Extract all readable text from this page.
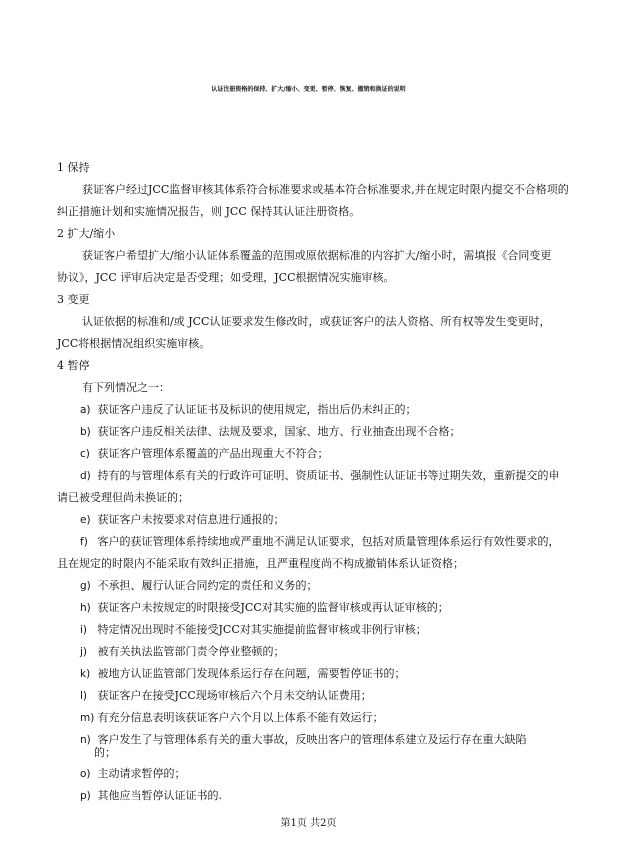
认证注册资格的保持、扩大/缩小、变更、暂停、恢复、撤销和换证的说明
1 保持
获证客户经过JCC监督审核其体系符合标准要求或基本符合标准要求,并在规定时限内提交不合格项的
纠正措施计划和实施情况报告，则 JCC 保持其认证注册资格。
2 扩大/缩小
获证客户希望扩大/缩小认证体系覆盖的范围或原依据标准的内容扩大/缩小时，需填报《合同变更
协议》，JCC 评审后决定是否受理；如受理，JCC根据情况实施审核。
3 变更
认证依据的标准和/或 JCC认证要求发生修改时，或获证客户的法人资格、所有权等发生变更时，
JCC将根据情况组织实施审核。
4 暂停
有下列情况之一：
a) 获证客户违反了认证证书及标识的使用规定，指出后仍未纠正的；
b) 获证客户违反相关法律、法规及要求，国家、地方、行业抽查出现不合格；
c) 获证客户管理体系覆盖的产品出现重大不符合；
d) 持有的与管理体系有关的行政许可证明、资质证书、强制性认证证书等过期失效，重新提交的申
请已被受理但尚未换证的；
e) 获证客户未按要求对信息进行通报的；
f) 客户的获证管理体系持续地或严重地不满足认证要求，包括对质量管理体系运行有效性要求的，
且在规定的时限内不能采取有效纠正措施，且严重程度尚不构成撤销体系认证资格；
g) 不承担、履行认证合同约定的责任和义务的；
h) 获证客户未按规定的时限接受JCC对其实施的监督审核或再认证审核的；
i) 特定情况出现时不能接受JCC对其实施提前监督审核或非例行审核；
j) 被有关执法监管部门责令停业整顿的；
k) 被地方认证监管部门发现体系运行存在问题，需要暂停证书的；
l) 获证客户在接受JCC现场审核后六个月未交纳认证费用；
m) 有充分信息表明该获证客户六个月以上体系不能有效运行；
n) 客户发生了与管理体系有关的重大事故，反映出客户的管理体系建立及运行存在重大缺陷
的；
o) 主动请求暂停的；
p) 其他应当暂停认证证书的.
第1页 共2页
